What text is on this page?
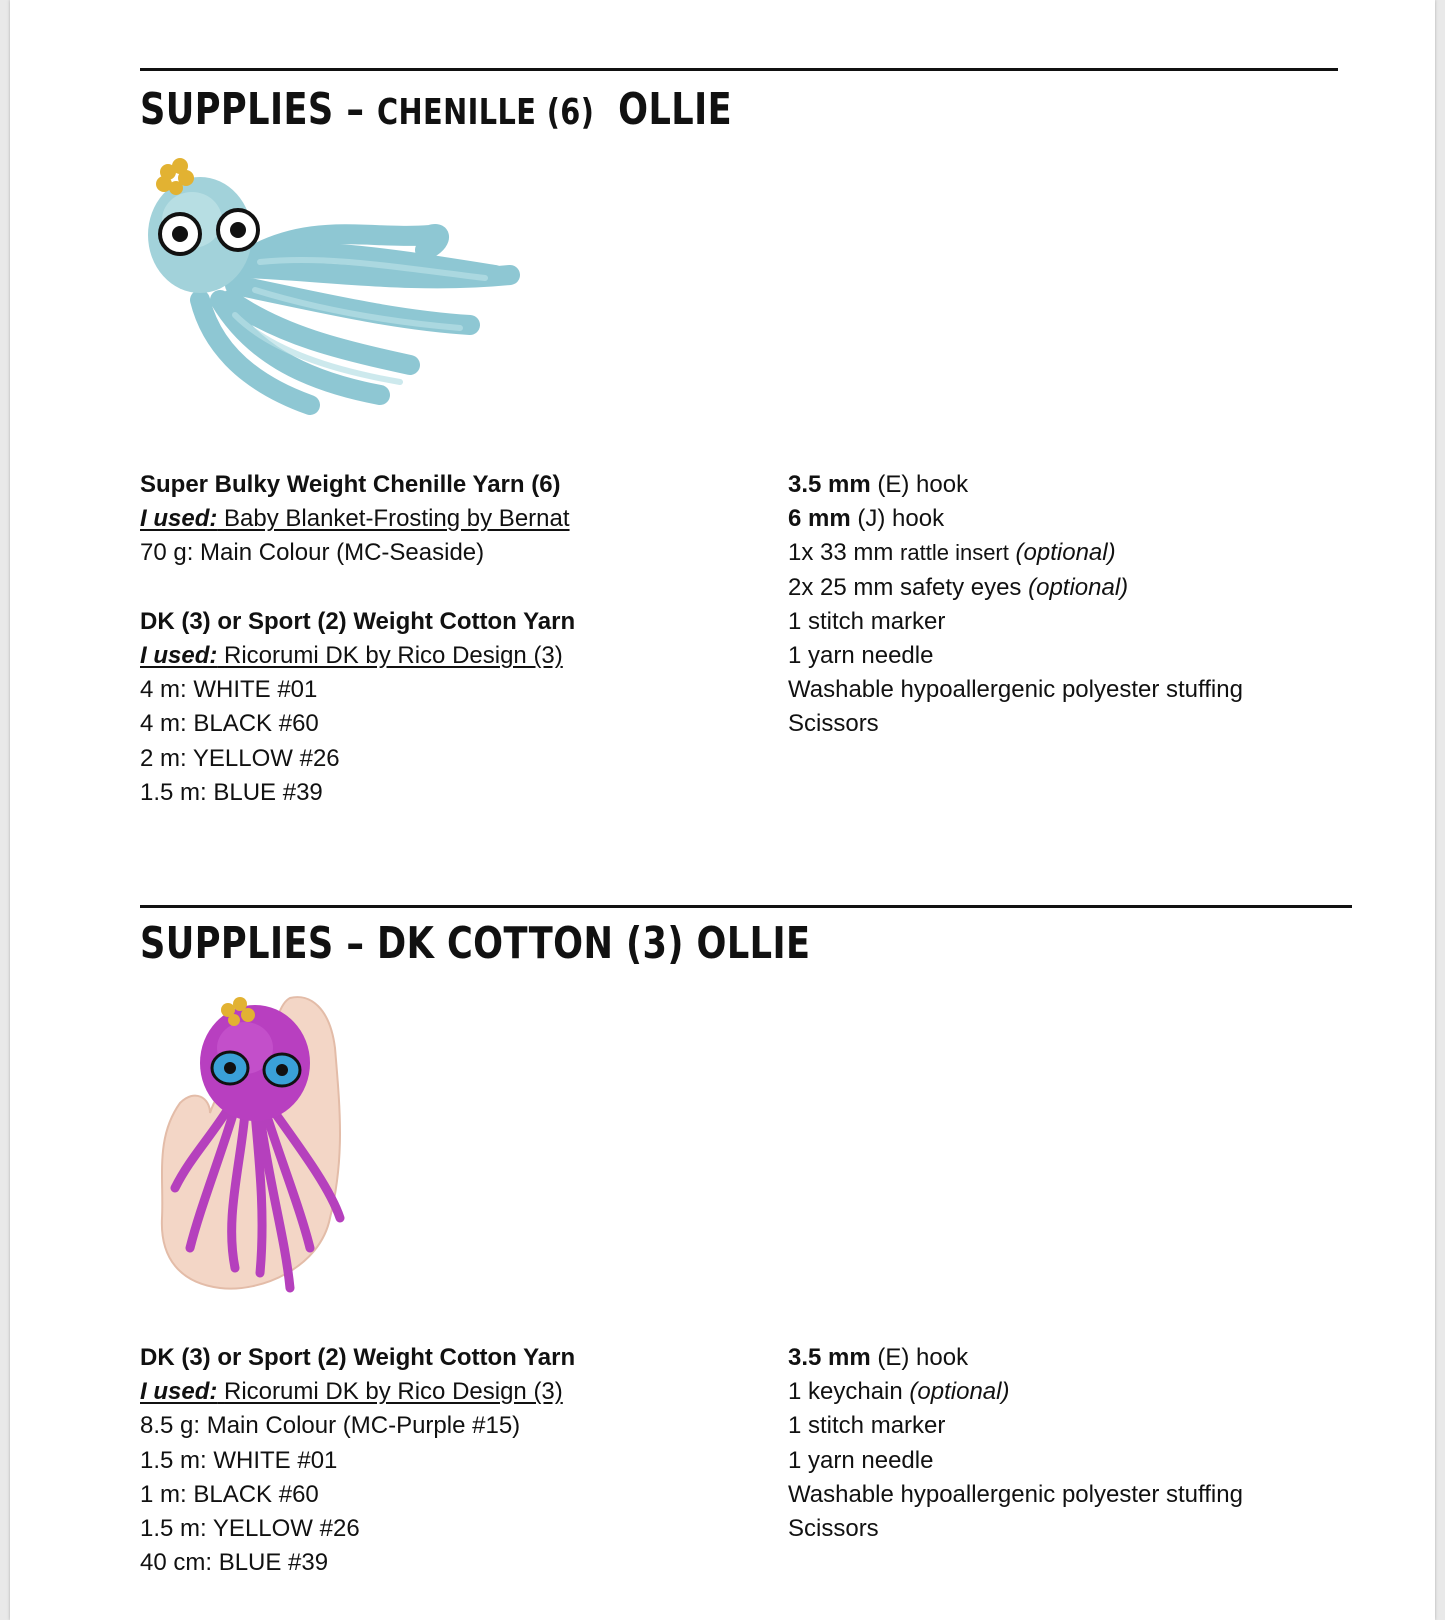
SUPPLIES – CHENILLE (6) OLLIE
Super Bulky Weight Chenille Yarn (6)
I used: Baby Blanket-Frosting by Bernat
70 g: Main Colour (MC-Seaside)
DK (3) or Sport (2) Weight Cotton Yarn
I used: Ricorumi DK by Rico Design (3)
4 m: WHITE #01
4 m: BLACK #60
2 m: YELLOW #26
1.5 m: BLUE #39
3.5 mm (E) hook
6 mm (J) hook
1x 33 mm rattle insert (optional)
2x 25 mm safety eyes (optional)
1 stitch marker
1 yarn needle
Washable hypoallergenic polyester stuffing
Scissors
SUPPLIES – DK COTTON (3) OLLIE
DK (3) or Sport (2) Weight Cotton Yarn
I used: Ricorumi DK by Rico Design (3)
8.5 g: Main Colour (MC-Purple #15)
1.5 m: WHITE #01
1 m: BLACK #60
1.5 m: YELLOW #26
40 cm: BLUE #39
3.5 mm (E) hook
1 keychain (optional)
1 stitch marker
1 yarn needle
Washable hypoallergenic polyester stuffing
Scissors
